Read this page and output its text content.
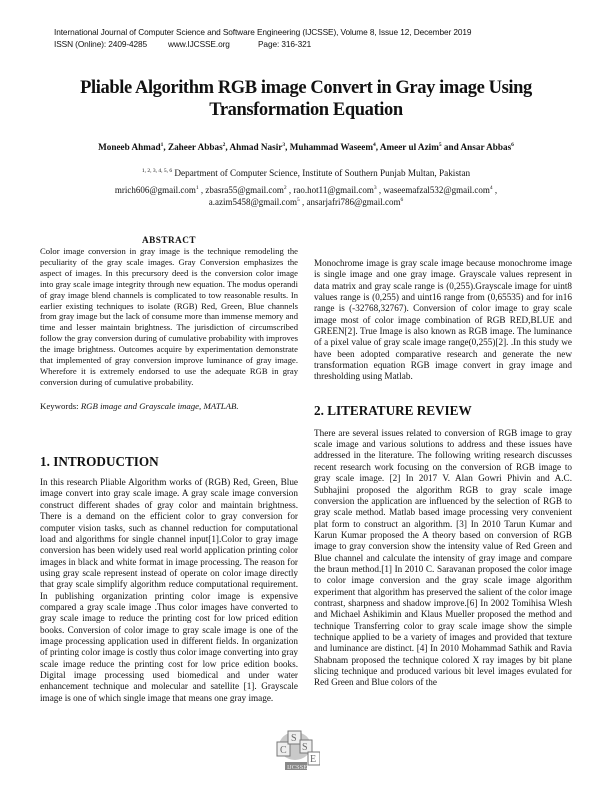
International Journal of Computer Science and Software Engineering (IJCSSE), Volume 8, Issue 12, December 2019
ISSN (Online): 2409-4285	www.IJCSSE.org	Page: 316-321
Pliable Algorithm RGB image Convert in Gray image Using
Transformation Equation
Moneeb Ahmad$^1$, Zaheer Abbas$^2$, Ahmad Nasir$^3$, Muhammad Waseem$^4$, Ameer ul Azim$^5$ and Ansar Abbas$^6$
$^{1, 2, 3, 4, 5, 6}$ Department of Computer Science, Institute of Southern Punjab Multan, Pakistan
mrich606@gmail.com$^1$ , zbasra55@gmail.com$^2$ , rao.hot11@gmail.com$^3$ , waseemafzal532@gmail.com$^4$ ,
a.azim5458@gmail.com$^5$ , ansarjafri786@gmail.com$^6$
ABSTRACT

Color image conversion in gray image is the technique remodeling the peculiarity of the gray scale images. Gray Conversion emphasizes the aspect of images. In this precursory deed is the conversion color image into gray scale image integrity through new equation. The modus operandi of gray image blend channels is complicated to tow reasonable results. In earlier existing techniques to isolate (RGB) Red, Green, Blue channels from gray image but the lack of consume more than immense memory and time and lesser maintain brightness. The jurisdiction of circumscribed follow the gray conversion during of cumulative probability with improves the image brightness. Outcomes acquire by experimentation demonstrate that implemented of gray conversion improve luminance of gray image. Wherefore it is extremely endorsed to use the adequate RGB in gray conversion during of cumulative probability.

Keywords: RGB image and Grayscale image, MATLAB.
1. INTRODUCTION

In this research Pliable Algorithm works of (RGB) Red, Green, Blue image convert into gray scale image. A gray scale image conversion construct different shades of gray color and maintain brightness. There is a demand on the efficient color to gray conversion for computer vision tasks, such as channel reduction for computational load and algorithms for single channel input[1].Color to gray image conversion has been widely used real world application printing color images in black and white format in image processing. The reason for using gray scale represent instead of operate on color image directly that gray scale simplify algorithm reduce computational requirement. In publishing organization printing color image is expensive compared a gray scale image .Thus color images have converted to gray scale image to reduce the printing cost for low priced edition books. Conversion of color image to gray scale image is one of the image processing application used in different fields. In organization of printing color image is costly thus color image converting into gray scale image reduce the printing cost for low price edition books. Digital image processing used biomedical and under water enhancement technique and molecular and satellite [1]. Grayscale image is one of which single image that means one gray image.

Monochrome image is gray scale image because monochrome image is single image and one gray image. Grayscale values represent in data matrix and gray scale range is (0,255).Grayscale image for uint8 values range is (0,255) and uint16 range from (0,65535) and for in16 range is (-32768,32767). Conversion of color image to gray scale image most of color image combination of RGB RED,BLUE and GREEN[2]. True Image is also known as RGB image. The luminance of a pixel value of gray scale image range(0,255)[2]. .In this study we have been adopted comparative research and generate the new transformation equation RGB image convert in gray image and thresholding using Matlab.

2. LITERATURE REVIEW

There are several issues related to conversion of RGB image to gray scale image and various solutions to address and these issues have addressed in the literature. The following writing research discusses recent research work focusing on the conversion of RGB image to gray scale image. [2] In 2017 V. Alan Gowri Phivin and A.C. Subhajini proposed the algorithm RGB to gray scale image conversion the application are influenced by the selection of RGB to gray scale method. Matlab based image processing very convenient plat form to construct an algorithm. [3] In 2010 Tarun Kumar and Karun Kumar proposed the A theory based on conversion of RGB image to gray conversion show the intensity value of Red Green and Blue channel and calculate the intensity of gray image and compare the braun method.[1] In 2010 C. Saravanan proposed the color image to color image conversion and the gray scale image algorithm experiment that algorithm has preserved the salient of the color image contrast, sharpness and shadow improve.[6] In 2002 Tomihisa Wlesh and Michael Ashikimin and Klaus Mueller proposed the method and technique Transferring color to gray scale image show the simple technique applied to be a variety of images and provided that texture and luminance are distinct. [4] In 2010 Mohammad Sathik and Ravia Shabnam proposed the technique colored X ray images by bit plane slicing technique and produced various bit level images evulated for Red Green and Blue colors of the

C
S
S
E
IJCSSE
